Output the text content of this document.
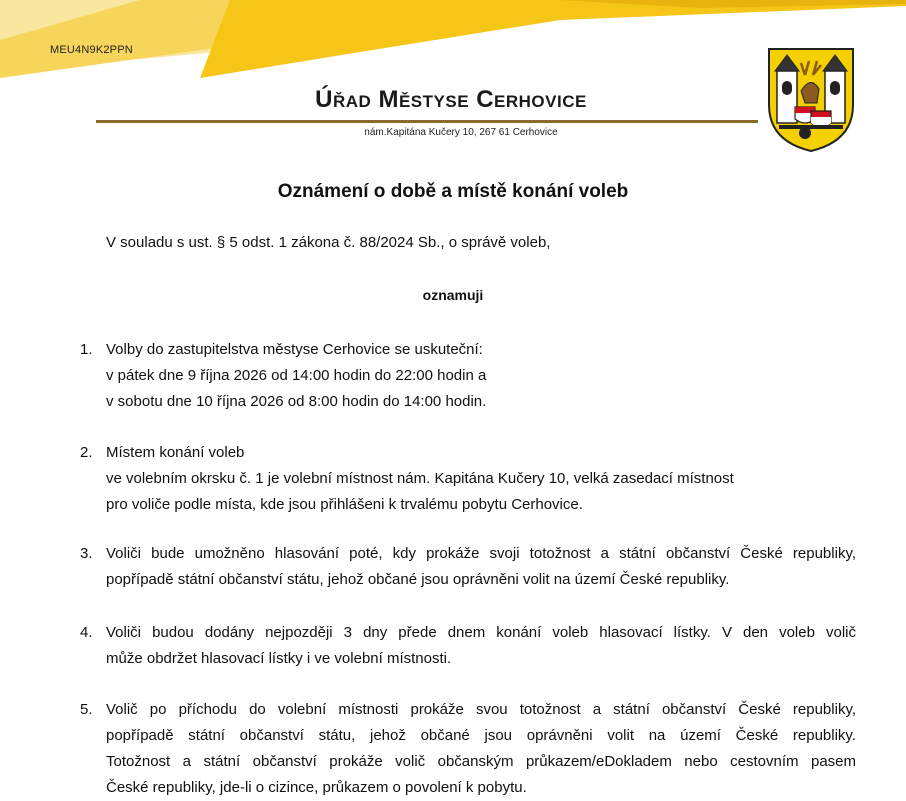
MEU4N9K2PPN
Úřad Městyse Cerhovice
nám.Kapitána Kučery 10, 267 61 Cerhovice
Oznámení o době a místě konání voleb
V souladu s ust. § 5 odst. 1 zákona č. 88/2024 Sb., o správě voleb,
oznamuji
1. Volby do zastupitelstva městyse Cerhovice se uskuteční:
v pátek dne 9 října 2026 od 14:00 hodin do 22:00 hodin a
v sobotu dne 10 října 2026 od 8:00 hodin do 14:00 hodin.
2. Místem konání voleb
ve volebním okrsku č. 1 je volební místnost nám. Kapitána Kučery 10, velká zasedací místnost
pro voliče podle místa, kde jsou přihlášeni k trvalému pobytu Cerhovice.
3. Voliči bude umožněno hlasování poté, kdy prokáže svoji totožnost a státní občanství České republiky,
popřípadě státní občanství státu, jehož občané jsou oprávněni volit na území České republiky.
4. Voliči budou dodány nejpozději 3 dny přede dnem konání voleb hlasovací lístky. V den voleb volič
může obdržet hlasovací lístky i ve volební místnosti.
5. Volič po příchodu do volební místnosti prokáže svou totožnost a státní občanství České republiky,
popřípadě státní občanství státu, jehož občané jsou oprávněni volit na území České republiky.
Totožnost a státní občanství prokáže volič občanským průkazem/eDokladem nebo cestovním pasem
České republiky, jde-li o cizince, průkazem o povolení k pobytu.
